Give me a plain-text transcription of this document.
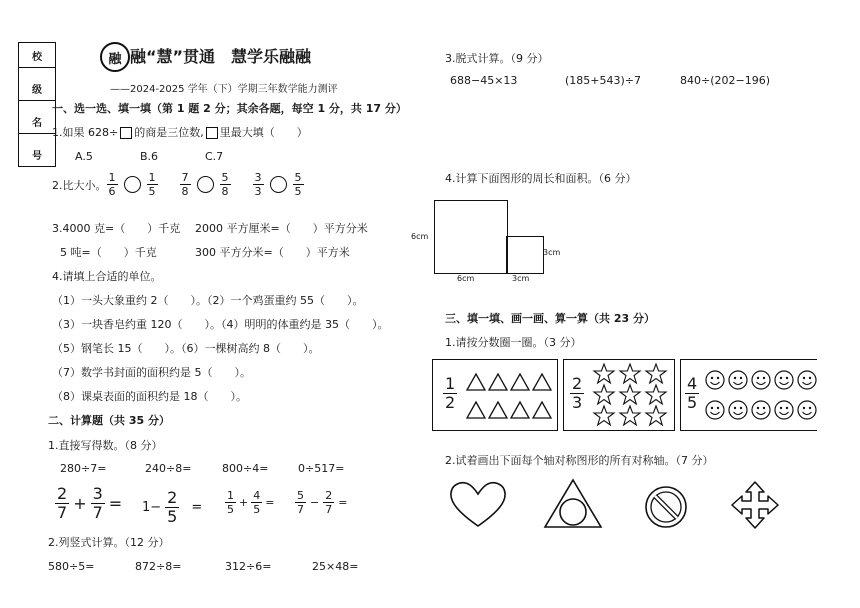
校
级
名
号
融 融“慧”贯通　慧学乐融融
——2024-2025 学年（下）学期三年数学能力测评
一、选一选、填一填（第 1 题 2 分；其余各题，每空 1 分，共 17 分）
1.如果 628÷ 的商是三位数, 里最大填（　　）
A.5	B.6	C.7
2.比大小。 $\frac{1}{6}$	$\frac{1}{5} \frac{7}{8}$	$\frac{5}{8} \frac{3}{3}$	$\frac{5}{5}$
3.4000 克=（　　）千克 2000 平方厘米=（　　）平方分米
5 吨=（　　）千克	300 平方分米=（　　）平方米
4.请填上合适的单位。
（1）一头大象重约 2（　　）。（2）一个鸡蛋重约 55（　　）。
（3）一块香皂约重 120（　　）。（4）明明的体重约是 35（　　）。
（5）钢笔长 15（　　）。（6）一棵树高约 8（　　）。
（7）数学书封面的面积约是 5（　　）。
（8）课桌表面的面积约是 18（　　）。
二、计算题（共 35 分）
1.直接写得数。（8 分）
280÷7=	240÷8=	800÷4=	0÷517=
$\frac{2}{7} + \frac{3}{7} = 1- \frac{2}{5} = \frac{1}{5} + \frac{4}{5} = \frac{5}{7} - \frac{2}{7}$ =
2.列竖式计算。（12 分）
580÷5=	872÷8=	312÷6=	25×48=
3.脱式计算。（9 分）
688−45×13	(185+543)÷7	840÷(202−196)
4.计算下面图形的周长和面积。（6 分）
6cm
6cm	3cm
3cm
三、填一填、画一画、算一算（共 23 分）
1.请按分数圈一圈。（3 分）
$\frac{1}{2}$	$\frac{2}{3}$	$\frac{4}{5}$
2.试着画出下面每个轴对称图形的所有对称轴。（7 分）
